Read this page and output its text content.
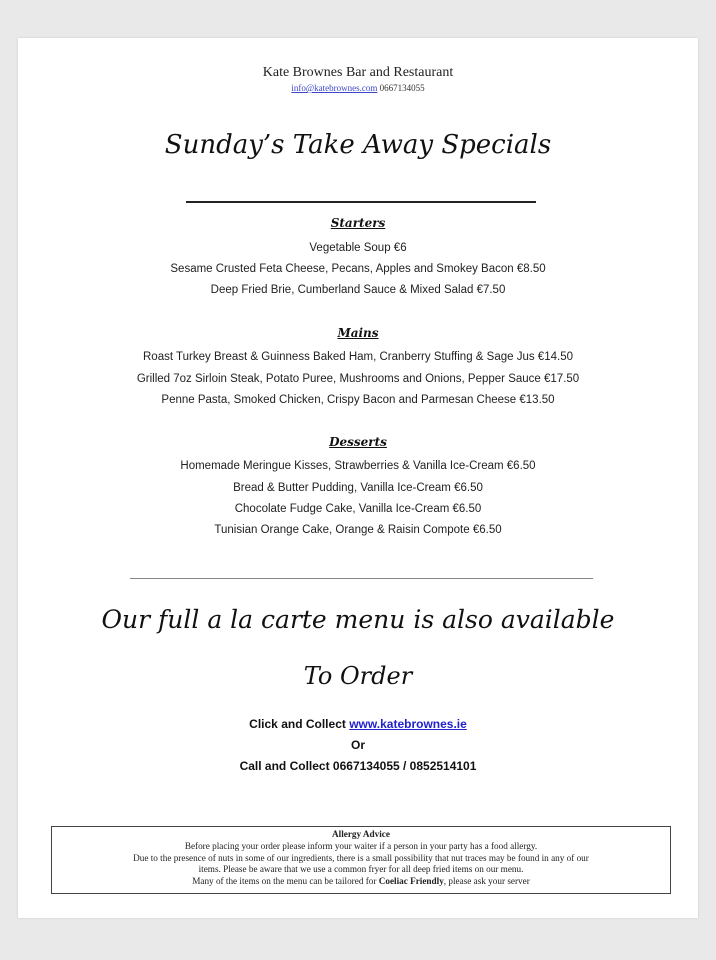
Kate Brownes Bar and Restaurant
info@katebrownes.com 0667134055
Sunday’s Take Away Specials
Starters
Vegetable Soup €6
Sesame Crusted Feta Cheese, Pecans, Apples and Smokey Bacon €8.50
Deep Fried Brie, Cumberland Sauce & Mixed Salad €7.50
Mains
Roast Turkey Breast & Guinness Baked Ham, Cranberry Stuffing & Sage Jus €14.50
Grilled 7oz Sirloin Steak, Potato Puree, Mushrooms and Onions, Pepper Sauce €17.50
Penne Pasta, Smoked Chicken, Crispy Bacon and Parmesan Cheese €13.50
Desserts
Homemade Meringue Kisses, Strawberries & Vanilla Ice-Cream €6.50
Bread & Butter Pudding, Vanilla Ice-Cream €6.50
Chocolate Fudge Cake, Vanilla Ice-Cream €6.50
Tunisian Orange Cake, Orange & Raisin Compote €6.50
Our full a la carte menu is also available
To Order
Click and Collect www.katebrownes.ie
Or
Call and Collect 0667134055 / 0852514101
Allergy Advice
Before placing your order please inform your waiter if a person in your party has a food allergy.
Due to the presence of nuts in some of our ingredients, there is a small possibility that nut traces may be found in any of our
items. Please be aware that we use a common fryer for all deep fried items on our menu.
Many of the items on the menu can be tailored for Coeliac Friendly, please ask your server
